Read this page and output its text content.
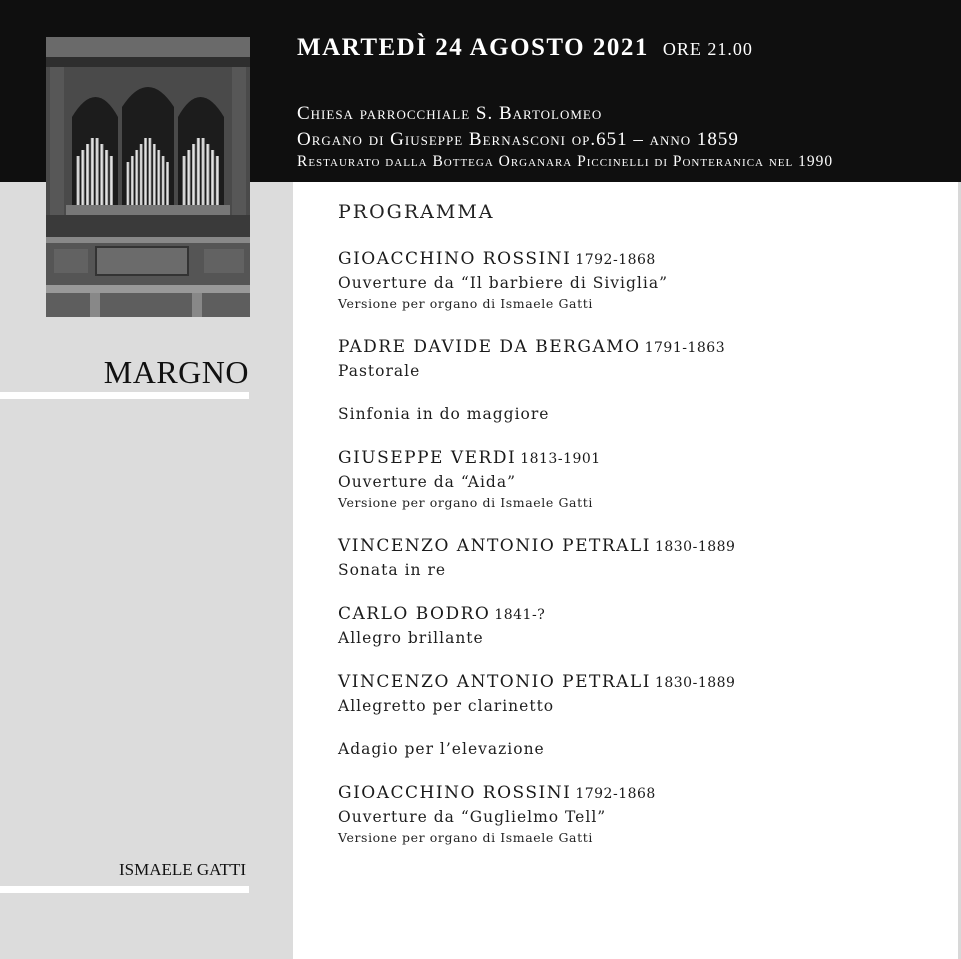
MARGNO
ISMAELE GATTI
MARTEDÌ 24 AGOSTO 2021 ORE 21.00
Chiesa parrocchiale S. Bartolomeo
Organo di Giuseppe Bernasconi op.651 – anno 1859
Restaurato dalla Bottega Organara Piccinelli di Ponteranica nel 1990
PROGRAMMA
GIOACCHINO ROSSINI 1792-1868
Ouverture da “Il barbiere di Siviglia”
Versione per organo di Ismaele Gatti
PADRE DAVIDE DA BERGAMO 1791-1863
Pastorale
Sinfonia in do maggiore
GIUSEPPE VERDI 1813-1901
Ouverture da “Aida”
Versione per organo di Ismaele Gatti
VINCENZO ANTONIO PETRALI 1830-1889
Sonata in re
CARLO BODRO 1841-?
Allegro brillante
VINCENZO ANTONIO PETRALI 1830-1889
Allegretto per clarinetto
Adagio per l’elevazione
GIOACCHINO ROSSINI 1792-1868
Ouverture da “Guglielmo Tell”
Versione per organo di Ismaele Gatti
